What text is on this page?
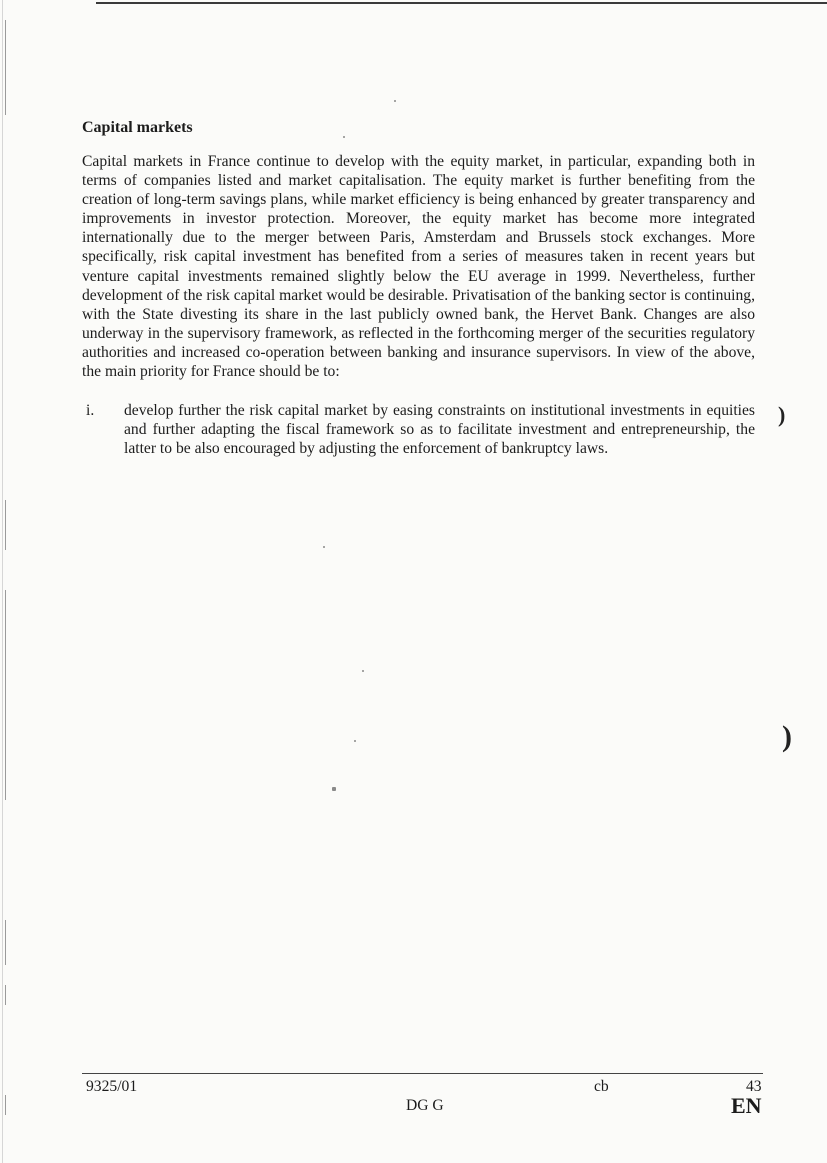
Capital markets

Capital markets in France continue to develop with the equity market, in particular, expanding both in terms of companies listed and market capitalisation. The equity market is further benefiting from the creation of long-term savings plans, while market efficiency is being enhanced by greater transparency and improvements in investor protection. Moreover, the equity market has become more integrated internationally due to the merger between Paris, Amsterdam and Brussels stock exchanges. More specifically, risk capital investment has benefited from a series of measures taken in recent years but venture capital investments remained slightly below the EU average in 1999. Nevertheless, further development of the risk capital market would be desirable. Privatisation of the banking sector is continuing, with the State divesting its share in the last publicly owned bank, the Hervet Bank. Changes are also underway in the supervisory framework, as reflected in the forthcoming merger of the securities regulatory authorities and increased co-operation between banking and insurance supervisors. In view of the above, the main priority for France should be to:

i. develop further the risk capital market by easing constraints on institutional investments in equities and further adapting the fiscal framework so as to facilitate investment and entrepreneurship, the latter to be also encouraged by adjusting the enforcement of bankruptcy laws.

)
)
9325/01	cb	43
DG G	EN
